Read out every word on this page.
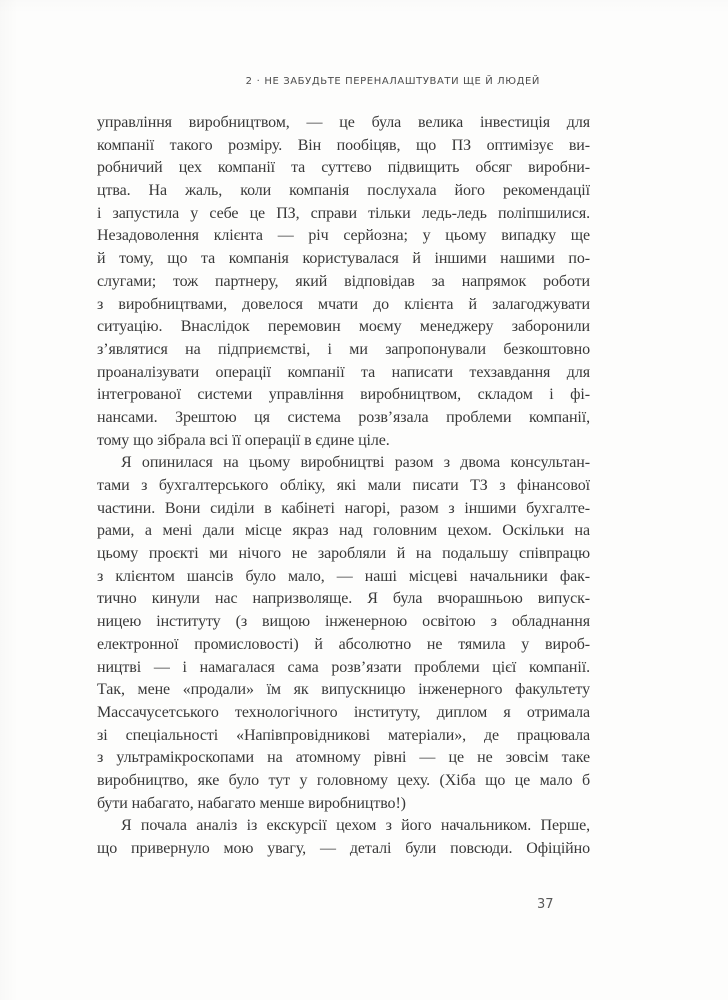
2 · НЕ ЗАБУДЬТЕ ПЕРЕНАЛАШТУВАТИ ЩЕ Й ЛЮДЕЙ
управління виробництвом, — це була велика інвестиція для
компанії такого розміру. Він пообіцяв, що ПЗ оптимізує ви-
робничий цех компанії та суттєво підвищить обсяг виробни-
цтва. На жаль, коли компанія послухала його рекомендації
і запустила у себе це ПЗ, справи тільки ледь-ледь поліпшилися.
Незадоволення клієнта — річ серйозна; у цьому випадку ще
й тому, що та компанія користувалася й іншими нашими по-
слугами; тож партнеру, який відповідав за напрямок роботи
з виробництвами, довелося мчати до клієнта й залагоджувати
ситуацію. Внаслідок перемовин моєму менеджеру заборонили
з’являтися на підприємстві, і ми запропонували безкоштовно
проаналізувати операції компанії та написати техзавдання для
інтегрованої системи управління виробництвом, складом і фі-
нансами. Зрештою ця система розв’язала проблеми компанії,
тому що зібрала всі її операції в єдине ціле.
Я опинилася на цьому виробництві разом з двома консультан-
тами з бухгалтерського обліку, які мали писати ТЗ з фінансової
частини. Вони сиділи в кабінеті нагорі, разом з іншими бухгалте-
рами, а мені дали місце якраз над головним цехом. Оскільки на
цьому проєкті ми нічого не заробляли й на подальшу співпрацю
з клієнтом шансів було мало, — наші місцеві начальники фак-
тично кинули нас напризволяще. Я була вчорашньою випуск-
ницею інституту (з вищою інженерною освітою з обладнання
електронної промисловості) й абсолютно не тямила у вироб-
ництві — і намагалася сама розв’язати проблеми цієї компанії.
Так, мене «продали» їм як випускницю інженерного факультету
Массачусетського технологічного інституту, диплом я отримала
зі спеціальності «Напівпровідникові матеріали», де працювала
з ультрамікроскопами на атомному рівні — це не зовсім таке
виробництво, яке було тут у головному цеху. (Хіба що це мало б
бути набагато, набагато менше виробництво!)
Я почала аналіз із екскурсії цехом з його начальником. Перше,
що привернуло мою увагу, — деталі були повсюди. Офіційно
37
